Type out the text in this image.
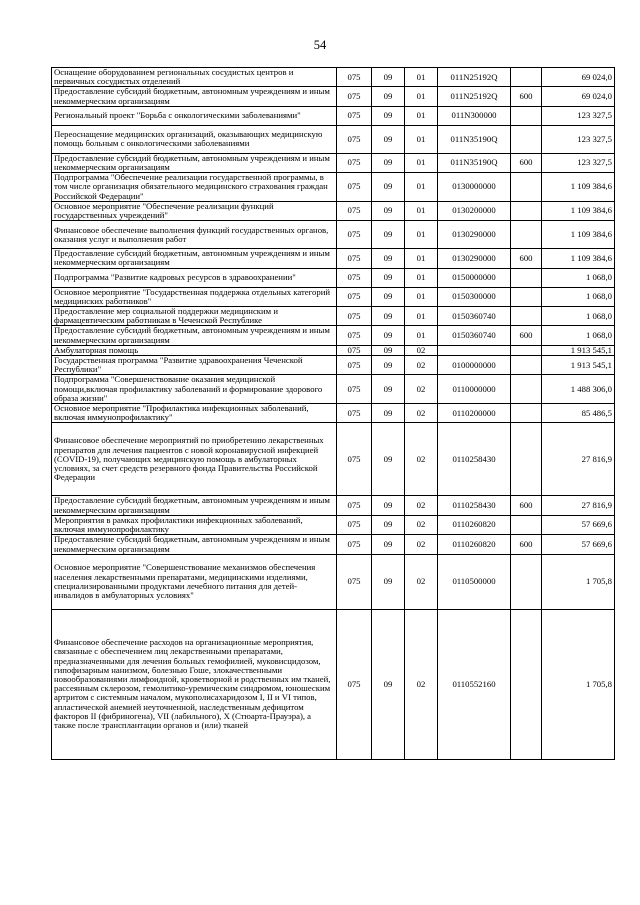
54
Оснащение оборудованием региональных сосудистых центров и первичных сосудистых отделений	075	09	01	011N25192Q		69 024,0
Предоставление субсидий бюджетным, автономным учреждениям и иным некоммерческим организациям	075	09	01	011N25192Q	600	69 024,0
Региональный проект "Борьба с онкологическими заболеваниями"	075	09	01	011N300000		123 327,5
Переоснащение медицинских организаций, оказывающих медицинскую помощь больным с онкологическими заболеваниями	075	09	01	011N35190Q		123 327,5
Предоставление субсидий бюджетным, автономным учреждениям и иным некоммерческим организациям	075	09	01	011N35190Q	600	123 327,5
Подпрограмма "Обеспечение реализации государственной программы, в том числе организация обязательного медицинского страхования граждан Российской Федерации"	075	09	01	0130000000		1 109 384,6
Основное мероприятие "Обеспечение реализации функций государственных учреждений"	075	09	01	0130200000		1 109 384,6
Финансовое обеспечение выполнения функций государственных органов, оказания услуг и выполнения работ	075	09	01	0130290000		1 109 384,6
Предоставление субсидий бюджетным, автономным учреждениям и иным некоммерческим организациям	075	09	01	0130290000	600	1 109 384,6
Подпрограмма "Развитие кадровых ресурсов в здравоохранении"	075	09	01	0150000000		1 068,0
Основное мероприятие "Государственная поддержка отдельных категорий медицинских работников"	075	09	01	0150300000		1 068,0
Предоставление мер социальной поддержки медицинским и фармацевтическим работникам в Чеченской Республике	075	09	01	0150360740		1 068,0
Предоставление субсидий бюджетным, автономным учреждениям и иным некоммерческим организациям	075	09	01	0150360740	600	1 068,0
Амбулаторная помощь	075	09	02			1 913 545,1
Государственная программа "Развитие здравоохранения Чеченской Республики"	075	09	02	0100000000		1 913 545,1
Подпрограмма "Совершенствование оказания медицинской помощи,включая профилактику заболеваний и формирование здорового образа жизни"	075	09	02	0110000000		1 488 306,0
Основное мероприятие "Профилактика инфекционных заболеваний, включая иммунопрофилактику"	075	09	02	0110200000		85 486,5
Финансовое обеспечение мероприятий по приобретению лекарственных препаратов для лечения пациентов с новой коронавирусной инфекцией (COVID-19), получающих медицинскую помощь в амбулаторных условиях, за счет средств резервного фонда Правительства Российской Федерации	075	09	02	0110258430		27 816,9
Предоставление субсидий бюджетным, автономным учреждениям и иным некоммерческим организациям	075	09	02	0110258430	600	27 816,9
Мероприятия в рамках профилактики инфекционных заболеваний, включая иммунопрофилактику	075	09	02	0110260820		57 669,6
Предоставление субсидий бюджетным, автономным учреждениям и иным некоммерческим организациям	075	09	02	0110260820	600	57 669,6
Основное мероприятие "Совершенствование механизмов обеспечения населения лекарственными препаратами, медицинскими изделиями, специализированными продуктами лечебного питания для детей-инвалидов в амбулаторных условиях"	075	09	02	0110500000		1 705,8
Финансовое обеспечение расходов на организационные мероприятия, связанные с обеспечением лиц лекарственными препаратами, предназначенными для лечения больных гемофилией, муковисцидозом, гипофизарным нанизмом, болезнью Гоше, злокачественными новообразованиями лимфоидной, кроветворной и родственных им тканей, рассеянным склерозом, гемолитико-уремическим синдромом, юношеским артритом с системным началом, мукополисахаридозом I, II и VI типов, апластической анемией неуточненной, наследственным дефицитом факторов II (фибриногена), VII (лабильного), X (Стюарта-Прауэра), а также после трансплантации органов и (или) тканей	075	09	02	0110552160		1 705,8
